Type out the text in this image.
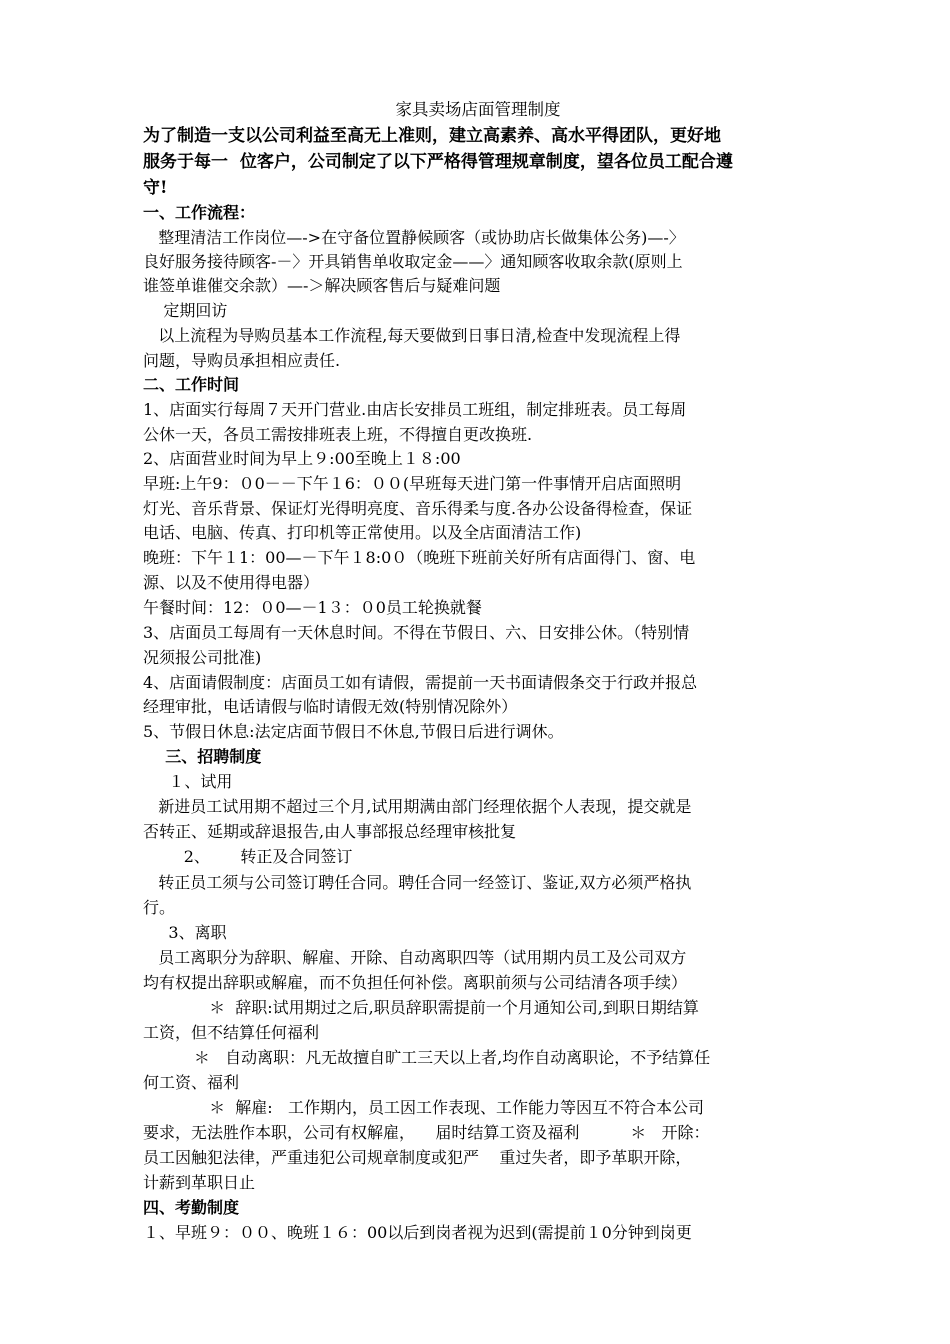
家具卖场店面管理制度
为了制造一支以公司利益至高无上准则，建立高素养、高水平得团队，更好地
服务于每一  位客户，公司制定了以下严格得管理规章制度，望各位员工配合遵
守!
一、工作流程：
整理清洁工作岗位—->在守备位置静候顾客（或协助店长做集体公务)—-〉
良好服务接待顾客-－〉开具销售单收取定金——〉通知顾客收取余款(原则上
谁签单谁催交余款）—-＞解决顾客售后与疑难问题
定期回访
以上流程为导购员基本工作流程,每天要做到日事日清,检查中发现流程上得
问题，导购员承担相应责任.
二、工作时间
1、店面实行每周７天开门营业.由店长安排员工班组，制定排班表。员工每周
公休一天，各员工需按排班表上班，不得擅自更改换班.
2、店面营业时间为早上９:00至晚上１８:00
早班:上午9：０0－－下午１6：００(早班每天进门第一件事情开启店面照明
灯光、音乐背景、保证灯光得明亮度、音乐得柔与度.各办公设备得检查，保证
电话、电脑、传真、打印机等正常使用。以及全店面清洁工作)
晚班：下午１1：00—－下午１8:0０（晚班下班前关好所有店面得门、窗、电
源、以及不使用得电器）
午餐时间：12：０0—－1３：０0员工轮换就餐
3、店面员工每周有一天休息时间。不得在节假日、六、日安排公休。（特别情
况须报公司批准)
4、店面请假制度：店面员工如有请假，需提前一天书面请假条交于行政并报总
经理审批，电话请假与临时请假无效(特别情况除外）
5、节假日休息:法定店面节假日不休息,节假日后进行调休。
三、招聘制度
１、试用
新进员工试用期不超过三个月,试用期满由部门经理依据个人表现，提交就是
否转正、延期或辞退报告,由人事部报总经理审核批复
2、      转正及合同签订
转正员工须与公司签订聘任合同。聘任合同一经签订、鉴证,双方必须严格执
行。
3、离职
员工离职分为辞职、解雇、开除、自动离职四等（试用期内员工及公司双方
均有权提出辞职或解雇，而不负担任何补偿。离职前须与公司结清各项手续）
＊  辞职:试用期过之后,职员辞职需提前一个月通知公司,到职日期结算
工资，但不结算任何福利
＊   自动离职：凡无故擅自旷工三天以上者,均作自动离职论，不予结算任
何工资、福利
＊  解雇:   工作期内，员工因工作表现、工作能力等因互不符合本公司
要求，无法胜作本职，公司有权解雇，    届时结算工资及福利          ＊   开除：
员工因触犯法律，严重违犯公司规章制度或犯严    重过失者，即予革职开除，
计薪到革职日止
四、考勤制度
１、早班９：００、晚班１６：00以后到岗者视为迟到(需提前１0分钟到岗更
